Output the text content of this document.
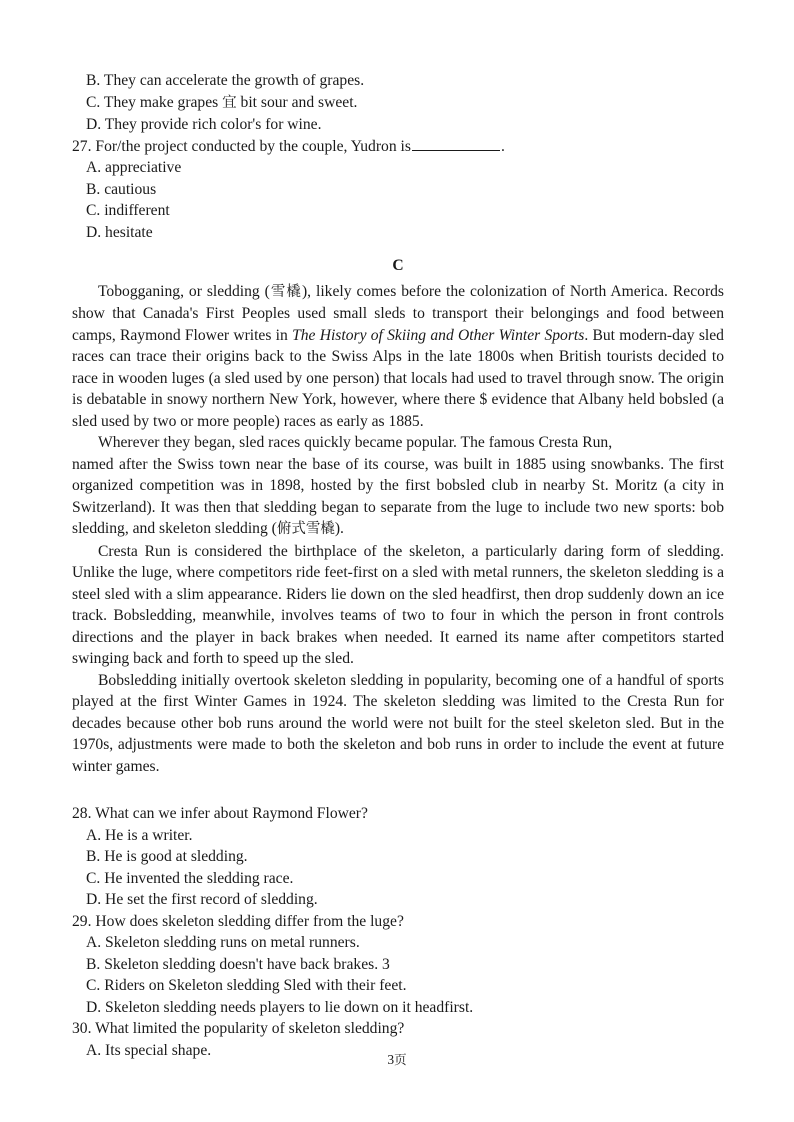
B. They can accelerate the growth of grapes.

C. They make grapes 宜 bit sour and sweet.

D. They provide rich color's for wine.

27. For/the project conducted by the couple, Yudron is	.

A. appreciative

B. cautious

C. indifferent

D. hesitate

C

Tobogganing, or sledding (雪橇), likely comes before the colonization of North America. Records show that Canada's First Peoples used small sleds to transport their belongings and food between camps, Raymond Flower writes in The History of Skiing and Other Winter Sports. But modern-day sled races can trace their origins back to the Swiss Alps in the late 1800s when British tourists decided to race in wooden luges (a sled used by one person) that locals had used to travel through snow. The origin is debatable in snowy northern New York, however, where there $ evidence that Albany held bobsled (a sled used by two or more people) races as early as 1885.

Wherever they began, sled races quickly became popular. The famous Cresta Run,

named after the Swiss town near the base of its course, was built in 1885 using snowbanks. The first organized competition was in 1898, hosted by the first bobsled club in nearby St. Moritz (a city in Switzerland). It was then that sledding began to separate from the luge to include two new sports: bob sledding, and skeleton sledding (俯式雪橇).

Cresta Run is considered the birthplace of the skeleton, a particularly daring form of sledding. Unlike the luge, where competitors ride feet-first on a sled with metal runners, the skeleton sledding is a steel sled with a slim appearance. Riders lie down on the sled headfirst, then drop suddenly down an ice track. Bobsledding, meanwhile, involves teams of two to four in which the person in front controls directions and the player in back brakes when needed. It earned its name after competitors started swinging back and forth to speed up the sled.

Bobsledding initially overtook skeleton sledding in popularity, becoming one of a handful of sports played at the first Winter Games in 1924. The skeleton sledding was limited to the Cresta Run for decades because other bob runs around the world were not built for the steel skeleton sled. But in the 1970s, adjustments were made to both the skeleton and bob runs in order to include the event at future winter games.

28. What can we infer about Raymond Flower?

A. He is a writer.

B. He is good at sledding.

C. He invented the sledding race.

D. He set the first record of sledding.

29. How does skeleton sledding differ from the luge?

A. Skeleton sledding runs on metal runners.

B. Skeleton sledding doesn't have back brakes. 3

C. Riders on Skeleton sledding Sled with their feet.

D. Skeleton sledding needs players to lie down on it headfirst.

30. What limited the popularity of skeleton sledding?

A. Its special shape.

3页
